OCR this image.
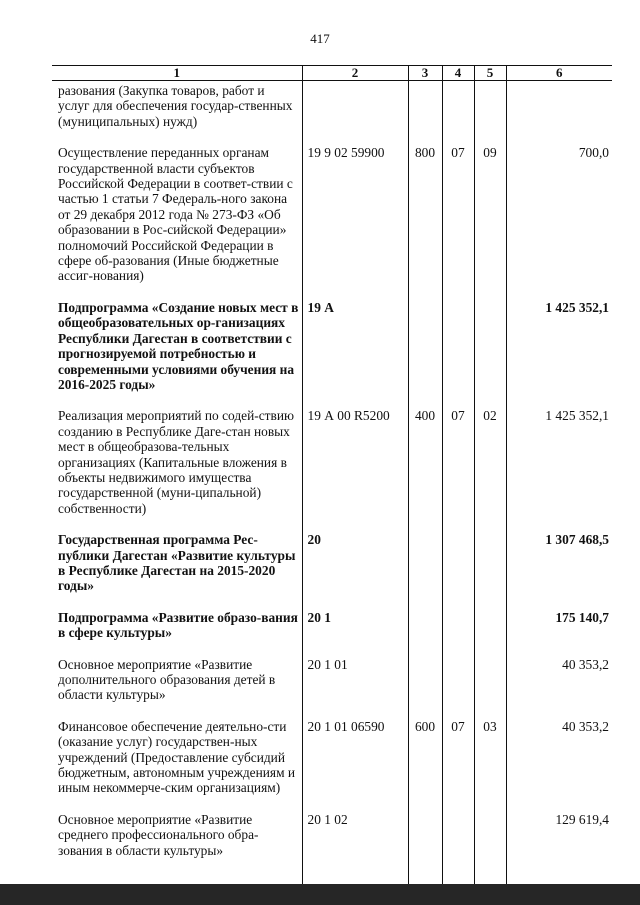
417
1	2	3	4	5	6
разования (Закупка товаров, работ и услуг для обеспечения государ-ственных (муниципальных) нужд)					
Осуществление переданных органам государственной власти субъектов Российской Федерации в соответ-ствии с частью 1 статьи 7 Федераль-ного закона от 29 декабря 2012 года № 273-ФЗ «Об образовании в Рос-сийской Федерации» полномочий Российской Федерации в сфере об-разования (Иные бюджетные ассиг-нования)	19 9 02 59900	800	07	09	700,0
Подпрограмма «Создание новых мест в общеобразовательных ор-ганизациях Республики Дагестан в соответствии с прогнозируемой потребностью и современными условиями обучения на 2016-2025 годы»	19 А				1 425 352,1
Реализация мероприятий по содей-ствию созданию в Республике Даге-стан новых мест в общеобразова-тельных организациях (Капитальные вложения в объекты недвижимого имущества государственной (муни-ципальной) собственности)	19 А 00 R5200	400	07	02	1 425 352,1
Государственная программа Рес-публики Дагестан «Развитие культуры в Республике Дагестан на 2015-2020 годы»	20				1 307 468,5
Подпрограмма «Развитие образо-вания в сфере культуры»	20 1				175 140,7
Основное мероприятие «Развитие дополнительного образования детей в области культуры»	20 1 01				40 353,2
Финансовое обеспечение деятельно-сти (оказание услуг) государствен-ных учреждений (Предоставление субсидий бюджетным, автономным учреждениям и иным некоммерче-ским организациям)	20 1 01 06590	600	07	03	40 353,2
Основное мероприятие «Развитие среднего профессионального обра-зования в области культуры»	20 1 02				129 619,4
